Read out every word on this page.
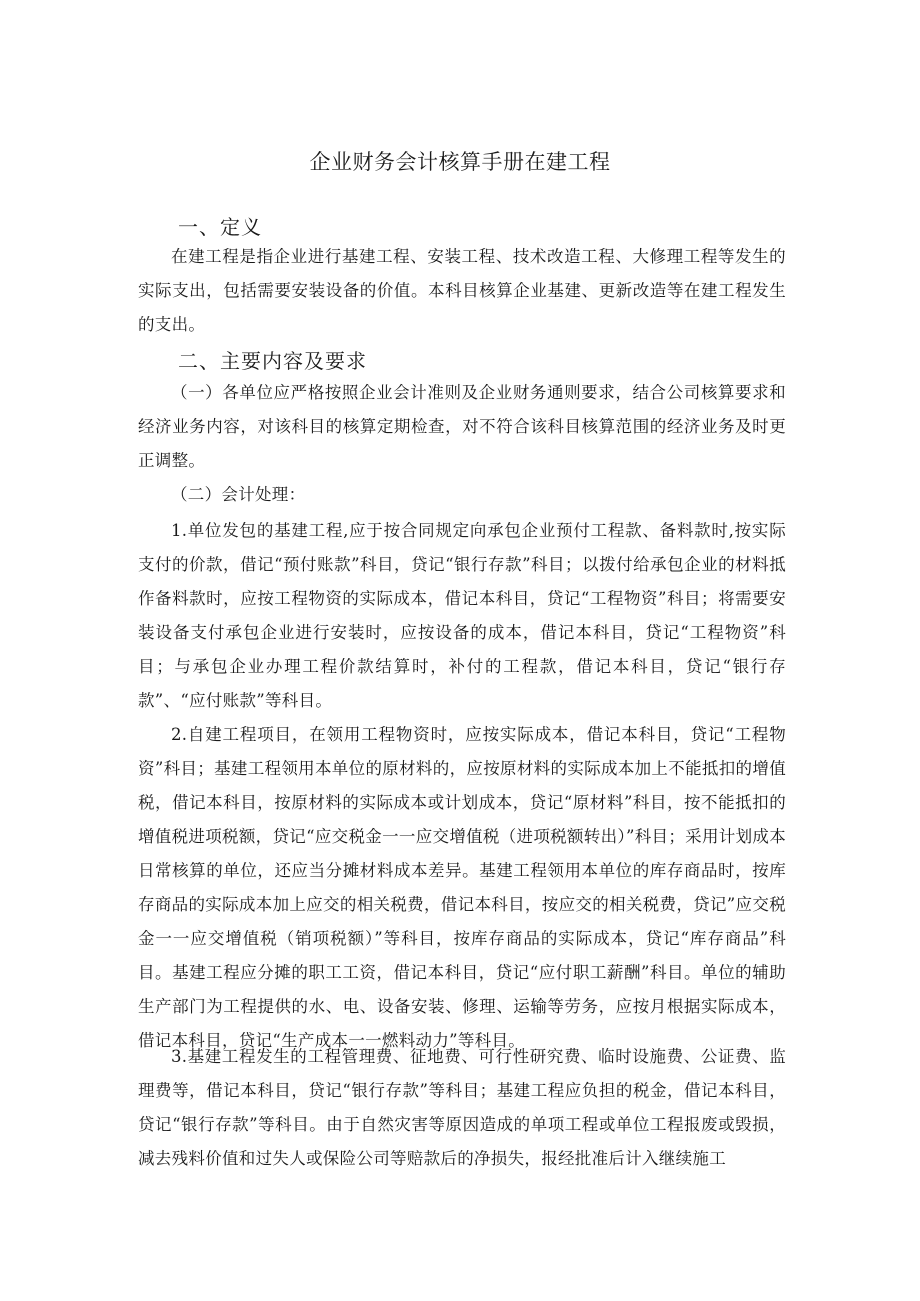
企业财务会计核算手册在建工程
一、定义

在建工程是指企业进行基建工程、安装工程、技术改造工程、大修理工程等发生的实际支出，包括需要安装设备的价值。本科目核算企业基建、更新改造等在建工程发生的支出。

二、主要内容及要求

（一）各单位应严格按照企业会计准则及企业财务通则要求，结合公司核算要求和经济业务内容，对该科目的核算定期检查，对不符合该科目核算范围的经济业务及时更正调整。

（二）会计处理：

1.单位发包的基建工程,应于按合同规定向承包企业预付工程款、备料款时,按实际支付的价款，借记“预付账款”科目，贷记“银行存款”科目；以拨付给承包企业的材料抵作备料款时，应按工程物资的实际成本，借记本科目，贷记“工程物资”科目；将需要安装设备支付承包企业进行安装时，应按设备的成本，借记本科目，贷记“工程物资”科目；与承包企业办理工程价款结算时，补付的工程款，借记本科目，贷记“银行存款”、“应付账款”等科目。

2.自建工程项目，在领用工程物资时，应按实际成本，借记本科目，贷记“工程物资”科目；基建工程领用本单位的原材料的，应按原材料的实际成本加上不能抵扣的增值税，借记本科目，按原材料的实际成本或计划成本，贷记“原材料”科目，按不能抵扣的增值税进项税额，贷记“应交税金一一应交增值税（进项税额转出）”科目；采用计划成本日常核算的单位，还应当分摊材料成本差异。基建工程领用本单位的库存商品时，按库存商品的实际成本加上应交的相关税费，借记本科目，按应交的相关税费，贷记”应交税金一一应交增值税（销项税额）”等科目，按库存商品的实际成本，贷记“库存商品”科目。基建工程应分摊的职工工资，借记本科目，贷记“应付职工薪酬”科目。单位的辅助生产部门为工程提供的水、电、设备安装、修理、运输等劳务，应按月根据实际成本，借记本科目，贷记“生产成本一一燃料动力”等科目。

3.基建工程发生的工程管理费、征地费、可行性研究费、临时设施费、公证费、监理费等，借记本科目，贷记“银行存款”等科目；基建工程应负担的税金，借记本科目，贷记“银行存款”等科目。由于自然灾害等原因造成的单项工程或单位工程报废或毁损，减去残料价值和过失人或保险公司等赔款后的净损失，报经批准后计入继续施工
